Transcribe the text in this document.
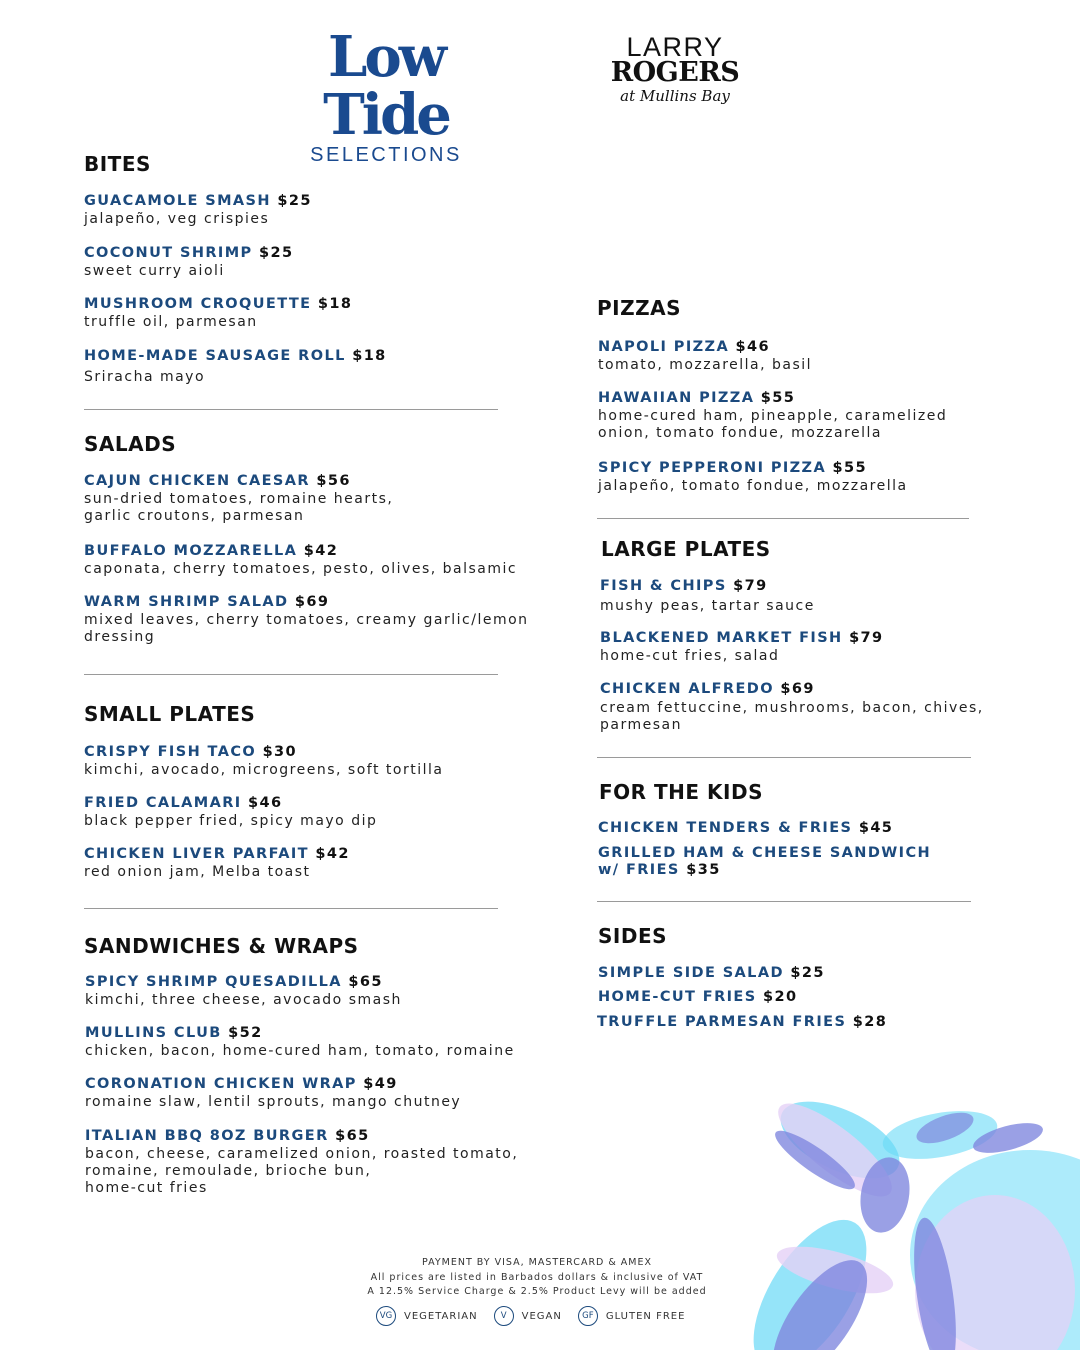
Low Tide
SELECTIONS
LARRY
ROGERS
at Mullins Bay
BITES
GUACAMOLE SMASH $25
jalapeño, veg crispies
COCONUT SHRIMP $25
sweet curry aioli
MUSHROOM CROQUETTE $18
truffle oil, parmesan
HOME-MADE SAUSAGE ROLL $18
Sriracha mayo
SALADS
CAJUN CHICKEN CAESAR $56
sun-dried tomatoes, romaine hearts,
garlic croutons, parmesan
BUFFALO MOZZARELLA $42
caponata, cherry tomatoes, pesto, olives, balsamic
WARM SHRIMP SALAD $69
mixed leaves, cherry tomatoes, creamy garlic/lemon
dressing
SMALL PLATES
CRISPY FISH TACO $30
kimchi, avocado, microgreens, soft tortilla
FRIED CALAMARI $46
black pepper fried, spicy mayo dip
CHICKEN LIVER PARFAIT $42
red onion jam, Melba toast
SANDWICHES & WRAPS
SPICY SHRIMP QUESADILLA $65
kimchi, three cheese, avocado smash
MULLINS CLUB $52
chicken, bacon, home-cured ham, tomato, romaine
CORONATION CHICKEN WRAP $49
romaine slaw, lentil sprouts, mango chutney
ITALIAN BBQ 8OZ BURGER $65
bacon, cheese, caramelized onion, roasted tomato,
romaine, remoulade, brioche bun,
home-cut fries
PIZZAS
NAPOLI PIZZA $46
tomato, mozzarella, basil
HAWAIIAN PIZZA $55
home-cured ham, pineapple, caramelized
onion, tomato fondue, mozzarella
SPICY PEPPERONI PIZZA $55
jalapeño, tomato fondue, mozzarella
LARGE PLATES
FISH & CHIPS $79
mushy peas, tartar sauce
BLACKENED MARKET FISH $79
home-cut fries, salad
CHICKEN ALFREDO $69
cream fettuccine, mushrooms, bacon, chives,
parmesan
FOR THE KIDS
CHICKEN TENDERS & FRIES $45
GRILLED HAM & CHEESE SANDWICH
w/ FRIES $35
SIDES
SIMPLE SIDE SALAD $25
HOME-CUT FRIES $20
TRUFFLE PARMESAN FRIES $28
PAYMENT BY VISA, MASTERCARD & AMEX
All prices are listed in Barbados dollars & inclusive of VAT
A 12.5% Service Charge & 2.5% Product Levy will be added
VG	VEGETARIAN	V	VEGAN	GF	GLUTEN FREE
